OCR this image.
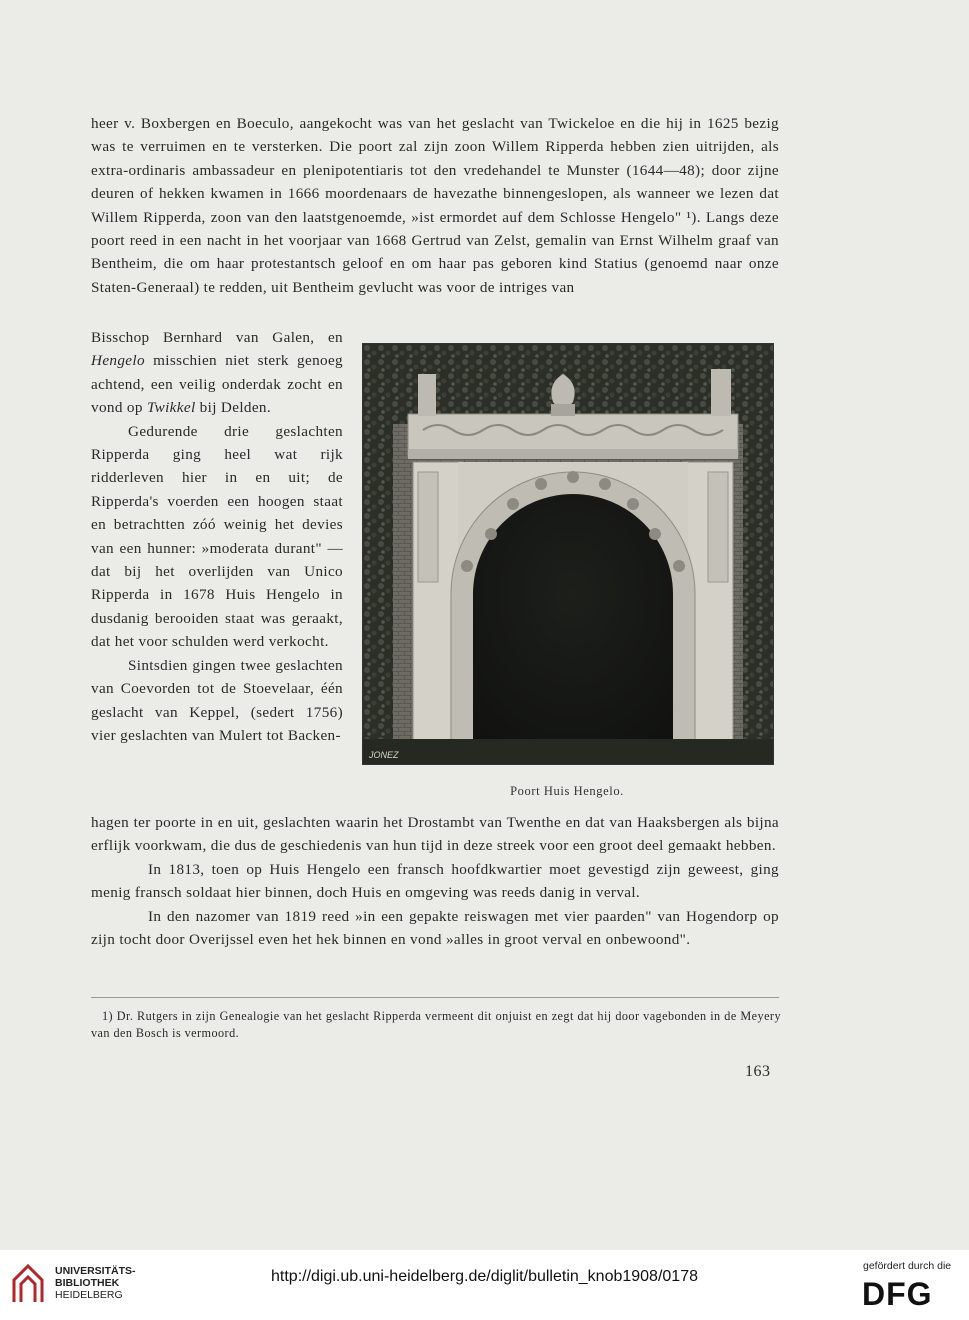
heer v. Boxbergen en Boeculo, aangekocht was van het geslacht van Twickeloe en die hij in 1625 bezig was te verruimen en te versterken. Die poort zal zijn zoon Willem Ripperda hebben zien uitrijden, als extra-ordinaris ambassadeur en plenipotentiaris tot den vredehandel te Munster (1644—48); door zijne deuren of hekken kwamen in 1666 moordenaars de havezathe binnengeslopen, als wanneer we lezen dat Willem Ripperda, zoon van den laatstgenoemde, »ist ermordet auf dem Schlosse Hengelo" ¹). Langs deze poort reed in een nacht in het voorjaar van 1668 Gertrud van Zelst, gemalin van Ernst Wilhelm graaf van Bentheim, die om haar protestantsch geloof en om haar pas geboren kind Statius (genoemd naar onze Staten-Generaal) te redden, uit Bentheim gevlucht was voor de intriges van

Bisschop Bernhard van Galen, en Hengelo misschien niet sterk genoeg achtend, een veilig onderdak zocht en vond op Twikkel bij Delden.

Gedurende drie geslachten Ripperda ging heel wat rijk ridderleven hier in en uit; de Ripperda's voerden een hoogen staat en betrachtten zóó weinig het devies van een hunner: »moderata durant" — dat bij het overlijden van Unico Ripperda in 1678 Huis Hengelo in dusdanig berooiden staat was geraakt, dat het voor schulden werd verkocht.

Sintsdien gingen twee geslachten van Coevorden tot de Stoevelaar, één geslacht van Keppel, (sedert 1756) vier geslachten van Mulert tot Backen-

JONEZ
Poort Huis Hengelo.

hagen ter poorte in en uit, geslachten waarin het Drostambt van Twenthe en dat van Haaksbergen als bijna erflijk voorkwam, die dus de geschiedenis van hun tijd in deze streek voor een groot deel gemaakt hebben.

In 1813, toen op Huis Hengelo een fransch hoofdkwartier moet gevestigd zijn geweest, ging menig fransch soldaat hier binnen, doch Huis en omgeving was reeds danig in verval.

In den nazomer van 1819 reed »in een gepakte reiswagen met vier paarden" van Hogendorp op zijn tocht door Overijssel even het hek binnen en vond »alles in groot verval en onbewoond".

1) Dr. Rutgers in zijn Genealogie van het geslacht Ripperda vermeent dit onjuist en zegt dat hij door vagebonden in de Meyery van den Bosch is vermoord.

163
UNIVERSITÄTS-
BIBLIOTHEK
HEIDELBERG
http://digi.ub.uni-heidelberg.de/diglit/bulletin_knob1908/0178
gefördert durch die
DFG
